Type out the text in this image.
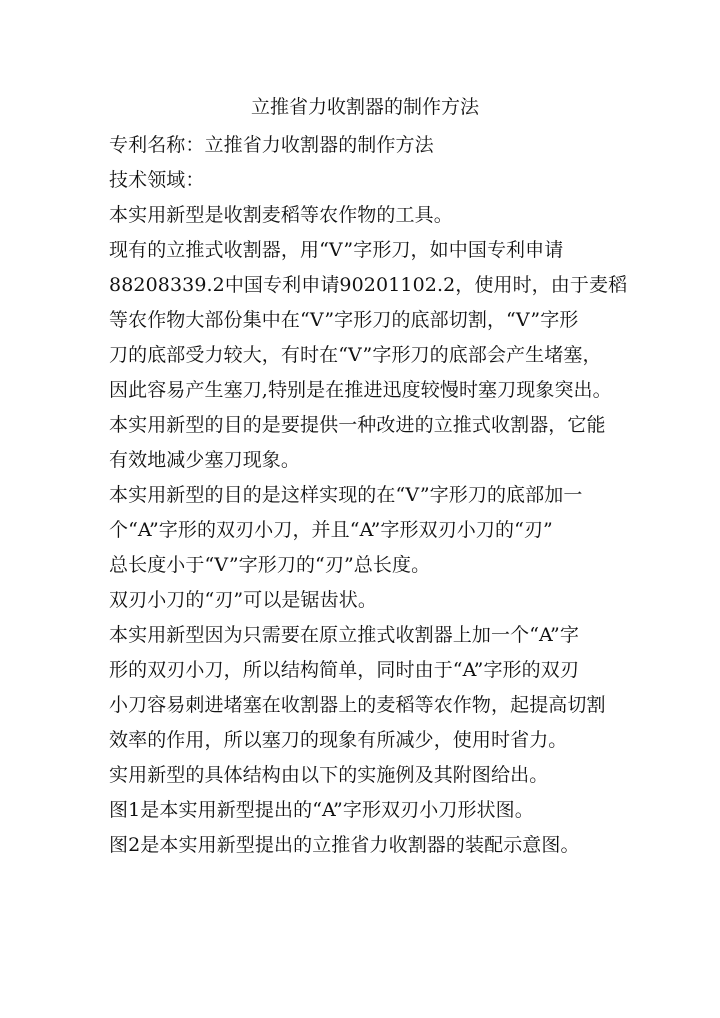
立推省力收割器的制作方法
专利名称：立推省力收割器的制作方法
技术领域：
本实用新型是收割麦稻等农作物的工具。
现有的立推式收割器，用“V”字形刀，如中国专利申请
88208339.2中国专利申请90201102.2，使用时，由于麦稻
等农作物大部份集中在“V”字形刀的底部切割，“V”字形
刀的底部受力较大，有时在“V”字形刀的底部会产生堵塞，
因此容易产生塞刀,特别是在推进迅度较慢时塞刀现象突出。
本实用新型的目的是要提供一种改进的立推式收割器，它能
有效地减少塞刀现象。
本实用新型的目的是这样实现的在“V”字形刀的底部加一
个“A”字形的双刃小刀，并且“A”字形双刃小刀的“刃”
总长度小于“V”字形刀的“刃”总长度。
双刃小刀的“刃”可以是锯齿状。
本实用新型因为只需要在原立推式收割器上加一个“A”字
形的双刃小刀，所以结构简单，同时由于“A”字形的双刃
小刀容易刺进堵塞在收割器上的麦稻等农作物，起提高切割
效率的作用，所以塞刀的现象有所减少，使用时省力。
实用新型的具体结构由以下的实施例及其附图给出。
图1是本实用新型提出的“A”字形双刃小刀形状图。
图2是本实用新型提出的立推省力收割器的装配示意图。
